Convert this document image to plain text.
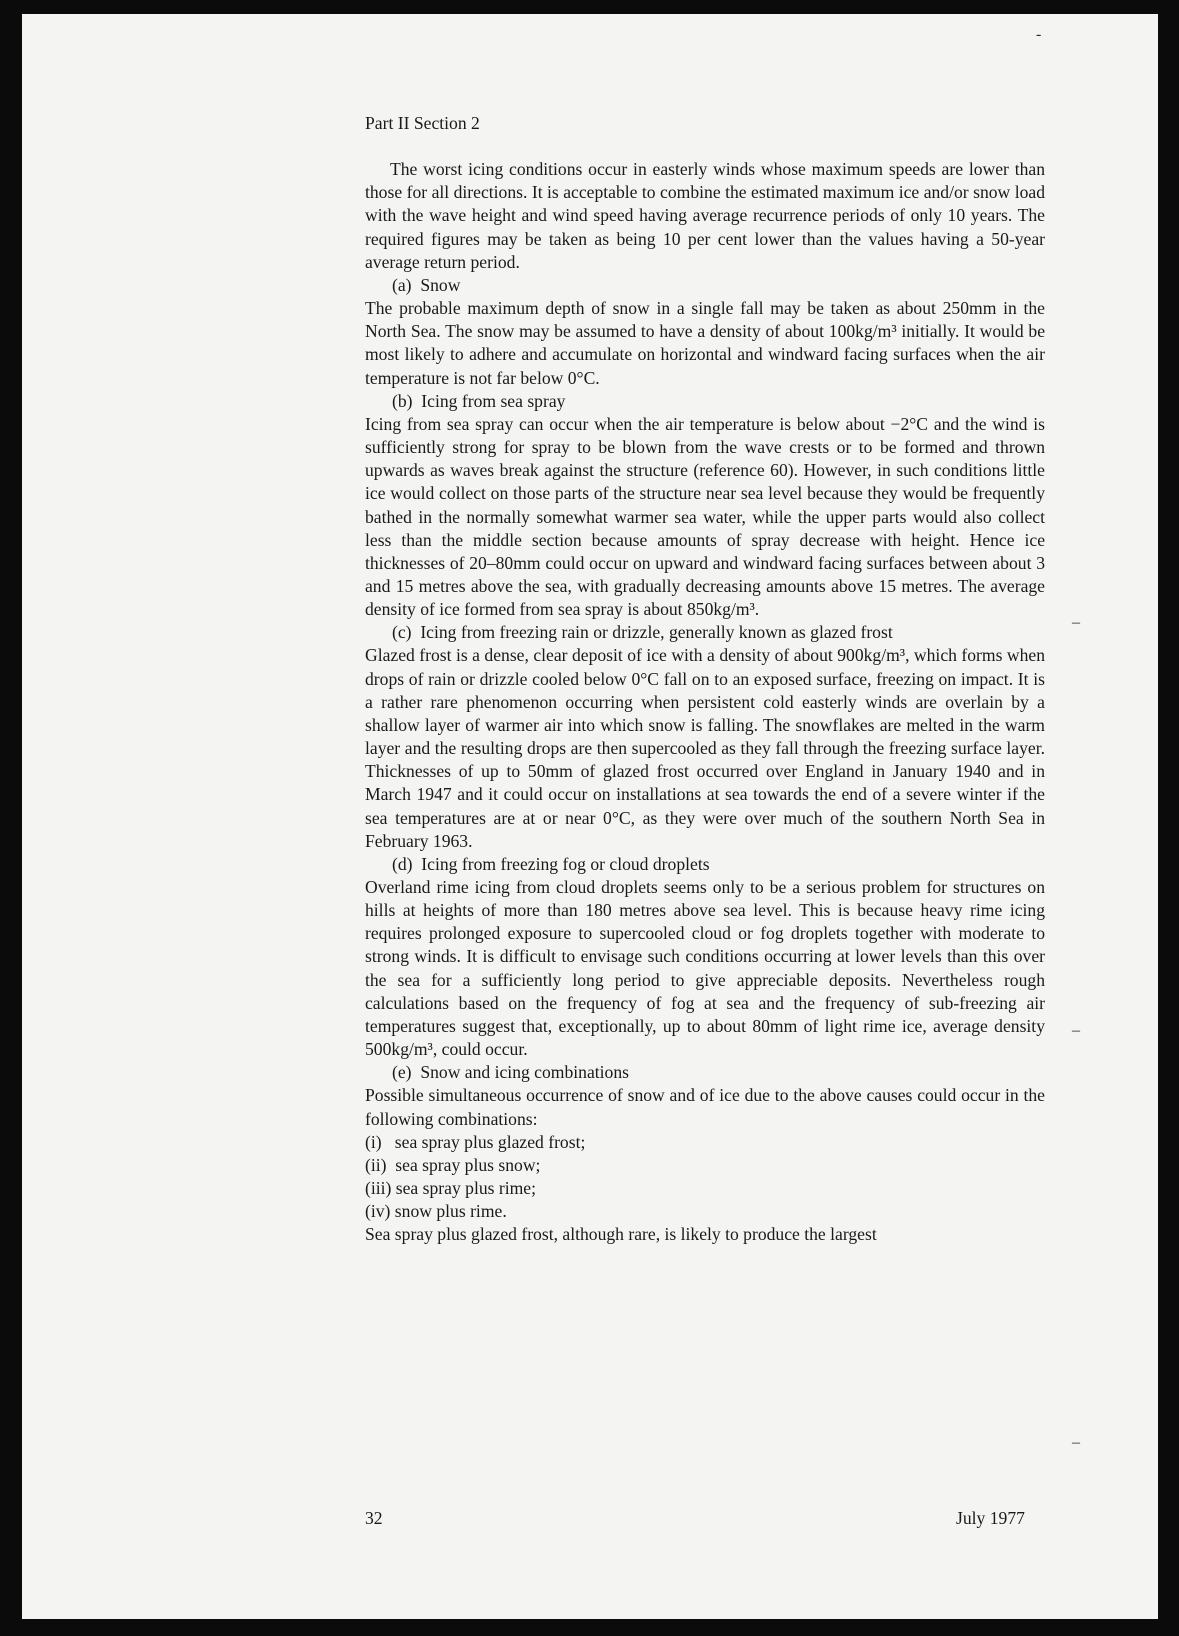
-
–
–
–
Part II Section 2

The worst icing conditions occur in easterly winds whose maximum speeds are lower than those for all directions. It is acceptable to combine the estimated maximum ice and/or snow load with the wave height and wind speed having average recurrence periods of only 10 years. The required figures may be taken as being 10 per cent lower than the values having a 50-year average return period.

(a)  Snow

The probable maximum depth of snow in a single fall may be taken as about 250mm in the North Sea. The snow may be assumed to have a density of about 100kg/m³ initially. It would be most likely to adhere and accumulate on horizontal and windward facing surfaces when the air temperature is not far below 0°C.

(b)  Icing from sea spray

Icing from sea spray can occur when the air temperature is below about −2°C and the wind is sufficiently strong for spray to be blown from the wave crests or to be formed and thrown upwards as waves break against the structure (reference 60). However, in such conditions little ice would collect on those parts of the structure near sea level because they would be frequently bathed in the normally somewhat warmer sea water, while the upper parts would also collect less than the middle section because amounts of spray decrease with height. Hence ice thicknesses of 20–80mm could occur on upward and windward facing surfaces between about 3 and 15 metres above the sea, with gradually decreasing amounts above 15 metres. The average density of ice formed from sea spray is about 850kg/m³.

(c)  Icing from freezing rain or drizzle, generally known as glazed frost

Glazed frost is a dense, clear deposit of ice with a density of about 900kg/m³, which forms when drops of rain or drizzle cooled below 0°C fall on to an exposed surface, freezing on impact. It is a rather rare phenomenon occurring when persistent cold easterly winds are overlain by a shallow layer of warmer air into which snow is falling. The snowflakes are melted in the warm layer and the resulting drops are then supercooled as they fall through the freezing surface layer. Thicknesses of up to 50mm of glazed frost occurred over England in January 1940 and in March 1947 and it could occur on installations at sea towards the end of a severe winter if the sea temperatures are at or near 0°C, as they were over much of the southern North Sea in February 1963.

(d)  Icing from freezing fog or cloud droplets

Overland rime icing from cloud droplets seems only to be a serious problem for structures on hills at heights of more than 180 metres above sea level. This is because heavy rime icing requires prolonged exposure to supercooled cloud or fog droplets together with moderate to strong winds. It is difficult to envisage such conditions occurring at lower levels than this over the sea for a sufficiently long period to give appreciable deposits. Nevertheless rough calculations based on the frequency of fog at sea and the frequency of sub-freezing air temperatures suggest that, exceptionally, up to about 80mm of light rime ice, average density 500kg/m³, could occur.

(e)  Snow and icing combinations

Possible simultaneous occurrence of snow and of ice due to the above causes could occur in the following combinations:

(i)   sea spray plus glazed frost;

(ii)  sea spray plus snow;

(iii) sea spray plus rime;

(iv) snow plus rime.

Sea spray plus glazed frost, although rare, is likely to produce the largest

32	July 1977
